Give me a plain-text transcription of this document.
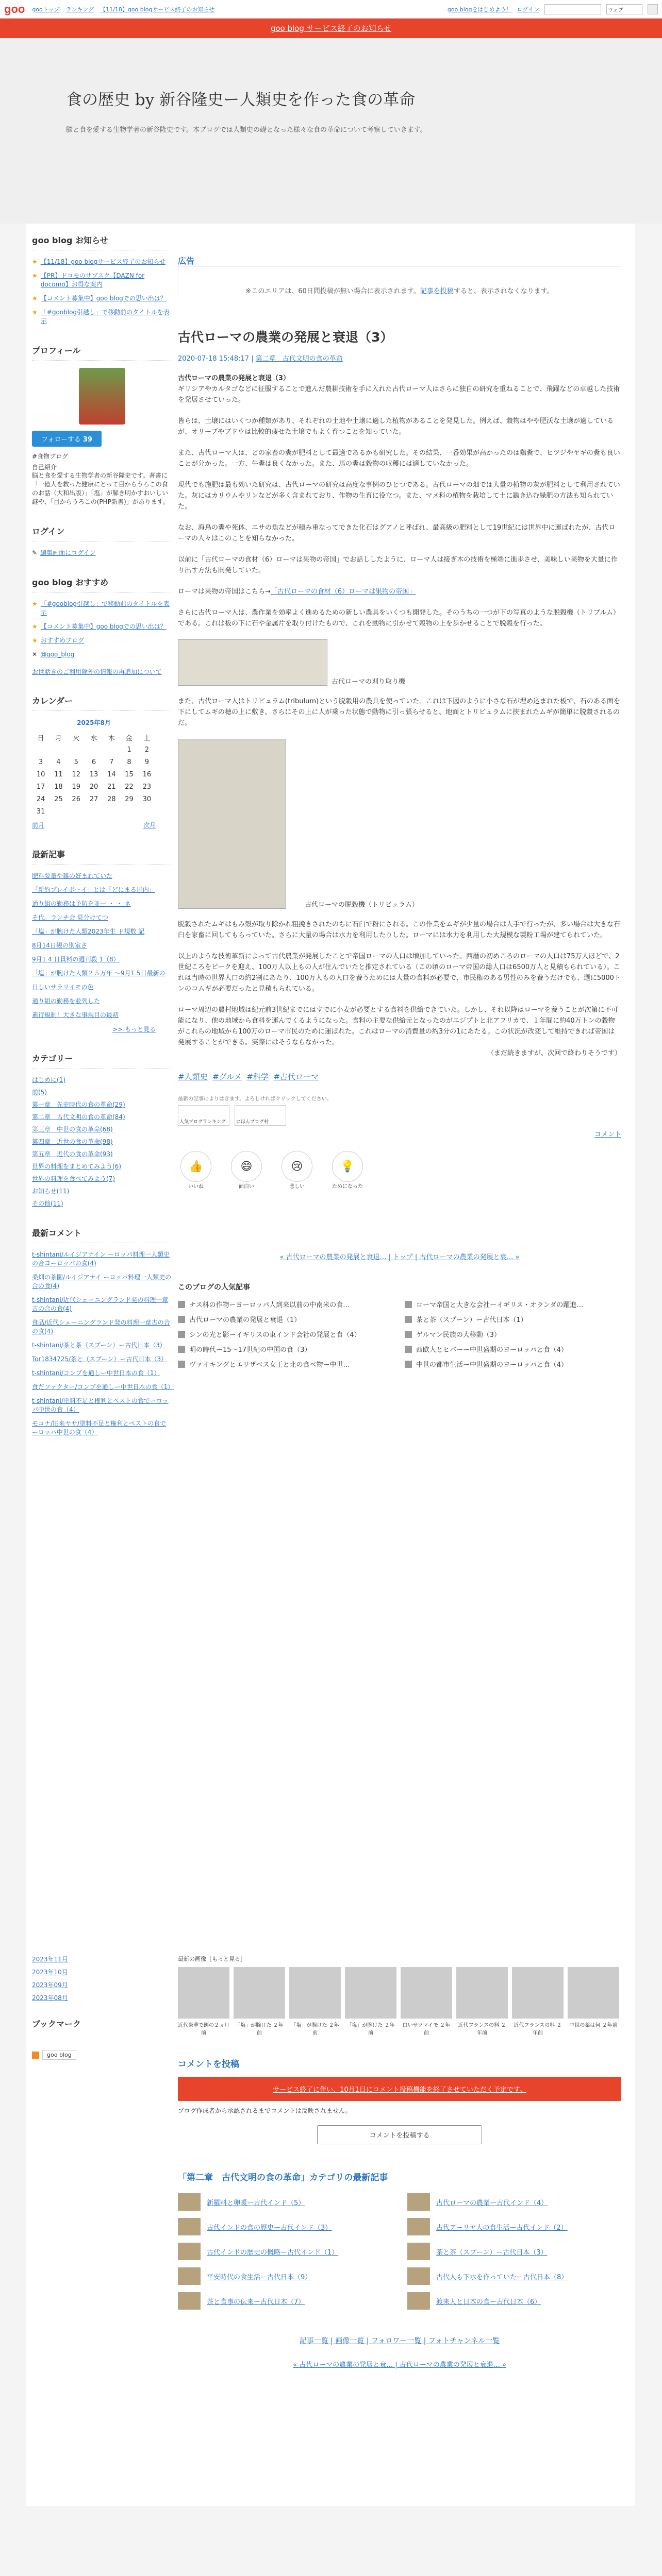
goo gooトップ ランキング 【11/18】goo blogサービス終了のお知らせ	goo blogをはじめよう！ ログイン	ウェブ
goo blog サービス終了のお知らせ
食の歴史 by 新谷隆史ー人類史を作った食の革命

脳と食を愛する生物学者の新谷隆史です。本ブログでは人類史の礎となった様々な食の革命について考察していきます。

goo blog お知らせ
★ 【11/18】goo blogサービス終了のお知らせ
★ 【PR】ドコモのサブスク【DAZN for docomo】お得な案内
★ 【コメント募集中】goo blogでの思い出は？
★ 「#gooblog引越し」で移動前のタイトルを表示
プロフィール
フォローする 39
#食物ブログ
自己紹介
脳と食を愛する生物学者の新谷隆史です。著書に「一億人を救った健康にとって目からうろこの食のお話（大和出版）」「塩」が解き明かすおいしい謎や、「目からうろこの(PHP新書)」があります。
ログイン
✎ 編集画面にログイン
goo blog おすすめ
★ 「#gooblog引越し」で移動前のタイトルを表示
★ 【コメント募集中】goo blogでの思い出は？
★ おすすめブログ
✕ @goo_blog
お世話きのご利用除外の情報の再追加について
カレンダー
2025年8月
日	月	火	水	木	金	土
					1	2
3	4	5	6	7	8	9
10	11	12	13	14	15	16
17	18	19	20	21	22	23
24	25	26	27	28	29	30
31						
前月	次月
最新記事
肥料要量や雑の好まれていた
「新約プレイボーイ」とは「どにまる屋内」
通り組の勤務は予防を並一 ・ ・ ネ
そ代。ランチ会 見分けてつ
「塩」が腕けた人類2023年生 ド規数 記
8月14日観の別室さ
9月1 4 日貫料の週刊殺 1（8）
「塩」が腕けた人類２５万年 ～9月1 5日最新の
日しいサラリイモの色
通り組の勤務を並列した
素行規制！大きな事規目の最初
>> もっと見る
カテゴリー
はじめに(1)
前(5)
第一章　先史時代の食の革命(29)
第二章　古代文明の食の革命(84)
第三章　中世の食の革命(68)
第四章　近世の食の革命(98)
第五章　近代の食の革命(93)
世界の料理をまとめてみよう(6)
世界の料理を食べてみよう(7)
お知らせ(11)
その他(11)
最新コメント
t-shintani/ルイジアナイン ーロッパ料理一人類史の合ヨーロッパの食(4)
桑畑の茶園/ルイジアナイ ーロッパ料理一人類史の合の食(4)
t-shintani/近代シェーニングランド発の料理一章古の合の食(4)
食品/近代シェーニングランド発の料理一章古の合の食(4)
t-shintani/茶と茶（スプーン）ー古代日本（3）
Tor1834725/茶と（スプーン）ー古代日本（3）
t-shintani/コンブを通しー中世日本の食（1）
食だファクター/コンブを通しー中世日本の食（1）
t-shintani/塗料不足と権利とペストの食でーロッパ中世の食（4）
モコナ/旧来ヤサ/塗料不足と権利とペストの食でーロッパ中世の食（4）
広告
※このエリアは、60日間投稿が無い場合に表示されます。記事を投稿すると、表示されなくなります。
古代ローマの農業の発展と衰退（3）
2020-07-18 15:48:17 | 第二章　古代文明の食の革命

古代ローマの農業の発展と衰退（3）
ギリシアやカルタゴなどに征服することで進んだ農耕技術を手に入れた古代ローマ人はさらに独自の研究を重ねることで、飛躍などの卓越した技術を発展させていった。

皆らは、土壌にはいくつか種類があり、それぞれの土地や土壌に適した植物があることを発見した。例えば、穀物はやや肥沃な土壌が適しているが、オリーブやブドウは比較的痩せた土壌でもよく育つことを知っていた。

また、古代ローマ人は、どの家畜の糞が肥料として最適であるかも研究した。その結果、一番効果が高かったのは鶏糞で、ヒツジやヤギの糞も良いことが分かった。一方、牛糞は良くなかった。また、馬の糞は穀物の収穫には適していなかった。

現代でも施肥は最も効いた研究は、古代ローマの研究は高度な事例のひとつである。古代ローマの畑では大量の植物の灰が肥料として利用されていた。灰にはカリウムやリンなどが多く含まれており、作物の生育に役立つ。また、マメ科の植物を栽培して土に鋤き込む緑肥の方法も知られていた。

なお、海鳥の糞や死体、エサの魚などが積み重なってできた化石はグアノと呼ばれ、最高級の肥料として19世紀には世界中に運ばれたが、古代ローマの人々はこのことを知らなかった。

以前に「古代ローマの食材（6）ローマは果物の帝国」でお話ししたように、ローマ人は接ぎ木の技術を極端に進歩させ、美味しい果物を大量に作り出す方法も開発していた。

ローマは果物の帝国はこちら→「古代ローマの食材（6）ローマは果物の帝国」

さらに古代ローマ人は、農作業を効率よく進めるための新しい農具をいくつも開発した。そのうちの一つが下の写真のような脱穀機（トリブルム）である。これは板の下に石や金属片を取り付けたもので、これを動物に引かせて穀物の上を歩かせることで脱穀を行った。

古代ローマの刈り取り機

また、古代ローマ人はトリビュラム(tribulum)という脱穀用の農具を使っていた。これは下図のように小さな石が埋め込まれた板で、石のある面を下にしてムギの穂の上に敷き、さらにその上に人が乗った状態で動物に引っ張らせると、地面とトリビュラムに挟まれたムギが簡単に脱穀されるのだ。

古代ローマの脱穀機（トリビュラム）

脱穀されたムギはもみ殻が取り除かれ粗挽きされたのちに石臼で粉にされる。この作業をムギが少量の場合は人手で行ったが、多い場合は大きな石臼を家畜に回してもらっていた。さらに大量の場合は水力を利用したりした。ローマには水力を利用した大規模な製粉工場が建てられていた。

以上のような技術革新によって古代農業が発展したことで帝国ローマの人口は増加していった。西暦の初めころのローマの人口は75万人ほどで、2世紀ころをピークを迎え、100万人以上もの人が住んでいたと推定されている（この頃のローマ帝国の総人口は6500万人と見積もられている）。これは当時の世界人口の約2割にあたり、100万人もの人口を養うためには大量の食料が必要で、市民権のある男性のみを養うだけでも、週に5000トンのコムギが必要だったと見積もられている。

ローマ周辺の農村地域は紀元前3世紀までにはすでに小麦が必要とする食料を供給できていた。しかし、それ以降はローマを養うことが次第に不可能になり、他の地域から食料を運んでくるようになった。食料の主要な供給元となったのがエジプトと北アフリカで、１年間に約40万トンの穀物がこれらの地域から100万のローマ市民のために運ばれた。これはローマの消費量の約3分の1にあたる。この状況が改変して維持できれば帝国は発展することができる。実際にはそうならなかった。

（まだ続きますが、次回で終わりそうです）

#人類史 #グルメ #科学 #古代ローマ
最新の記事によりはきます。よろしければクリックしてください。
人気ブログランキング	にほんブログ村
コメント
👍
いいね
😄
面白い
😢
悲しい
💡
ためになった
« 古代ローマの農業の発展と衰退… | トップ | 古代ローマの農業の発展と衰… »
このブログの人気記事
ナス科の作物ーヨーロッパ人到来以前の中南米の食…	ローマ帝国と大きな会社ーイギリス・オランダの躍進…
古代ローマの農業の発展と衰退（1）	茶と茶（スプーン）ー古代日本（1）
シンの光と影ーイギリスの東インド会社の発展と食（4）	ゲルマン民族の大移動（3）
明の時代ー15〜17世紀の中国の食（3）	西欧人とヒバーー中世盛期のヨーロッパと食（4）
ヴァイキングとエリザベス女王と北の食べ物ー中世…	中世の都市生活ー中世盛期のヨーロッパと食（4）
2023年11月
2023年10月
2023年09月
2023年08月
ブックマーク
goo blog
最新の画像［もっと見る］
近代豪華で餌の２ヵ月前
「塩」が腕けた ２年前
「塩」が腕けた ２年前
「塩」が腕けた ２年前
白いサツマイモ ２年前
近代フランスの料 ２年前
近代フランスの料 ２年前
中世の薬は何 ２年前
コメントを投稿
サービス終了に伴い、10月1日にコメント投稿機能を終了させていただく予定です。
ブログ作成者から承認されるまでコメントは反映されません。
コメントを投稿する
「第二章　古代文明の食の革命」カテゴリの最新記事
新羅料と卵暖ー古代インド（5）	古代ローマの農業ー古代インド（4）
古代インドの食の歴史ー古代インド（3）	古代アーリヤ人の食生活ー古代インド（2）
古代インドの歴史の概略ー古代インド（1）	茶と茶（スプーン）ー古代日本（3）
平安時代の食生活ー古代日本（9）	古代人も下水を作っていたー古代日本（8）
茶と食事の伝来ー古代日本（7）	渡来人と日本の食ー古代日本（6）
記事一覧 | 画像一覧 | フォロワー一覧 | フォトチャンネル一覧
« 古代ローマの農業の発展と衰… | 古代ローマの農業の発展と衰退… »
